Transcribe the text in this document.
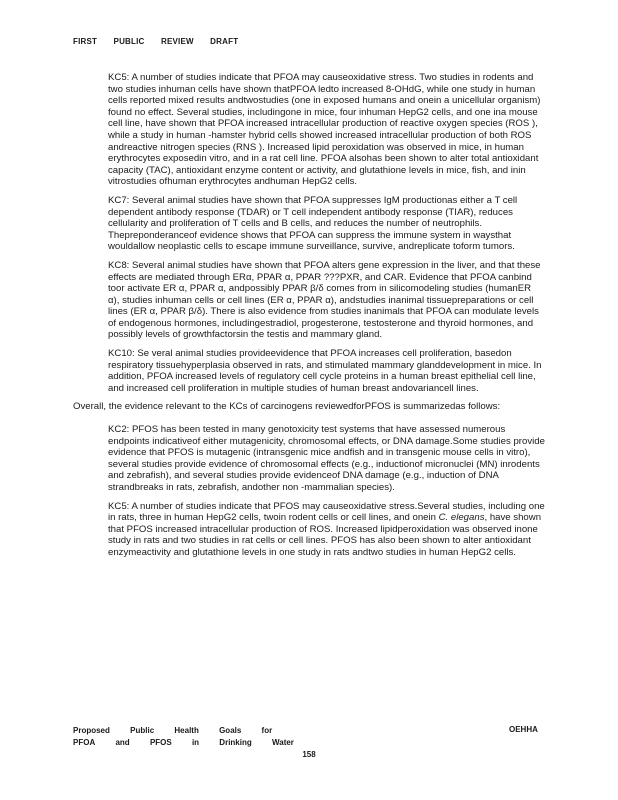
FIRST PUBLIC REVIEW DRAFT
KC5: A number of studies indicate that PFOA may causeoxidative stress. Two studies in rodents and two studies inhuman cells have shown thatPFOA ledto increased 8-OHdG, while one study in human cells reported mixed results andtwostudies (one in exposed humans and onein a unicellular organism) found no effect. Several studies, includingone in mice, four inhuman HepG2 cells, and one ina mouse cell line, have shown that PFOA increased intracellular production of reactive oxygen species (ROS ), while a study in human -hamster hybrid cells showed increased intracellular production of both ROS andreactive nitrogen species (RNS ). Increased lipid peroxidation was observed in mice, in human erythrocytes exposedin vitro, and in a rat cell line. PFOA alsohas been shown to alter total antioxidant capacity (TAC), antioxidant enzyme content or activity, and glutathione levels in mice, fish, and inin vitrostudies ofhuman erythrocytes andhuman HepG2 cells.
KC7: Several animal studies have shown that PFOA suppresses IgM productionas either a T cell dependent antibody response (TDAR) or T cell independent antibody response (TIAR), reduces cellularity and proliferation of T cells and B cells, and reduces the number of neutrophils. Thepreponderanceof evidence shows that PFOA can suppress the immune system in waysthat wouldallow neoplastic cells to escape immune surveillance, survive, andreplicate toform tumors.
KC8: Several animal studies have shown that PFOA alters gene expression in the liver, and that these effects are mediated through ERα, PPAR α, PPAR ???PXR, and CAR. Evidence that PFOA canbind toor activate ER α, PPAR α, andpossibly PPAR β/δ comes from in silicomodeling studies (humanER α), studies inhuman cells or cell lines (ER α, PPAR α), andstudies inanimal tissuepreparations or cell lines (ER α, PPAR β/δ). There is also evidence from studies inanimals that PFOA can modulate levels of endogenous hormones, includingestradiol, progesterone, testosterone and thyroid hormones, and possibly levels of growthfactorsin the testis and mammary gland.
KC10: Se veral animal studies provideevidence that PFOA increases cell proliferation, basedon respiratory tissuehyperplasia observed in rats, and stimulated mammary glanddevelopment in mice. In addition, PFOA increased levels of regulatory cell cycle proteins in a human breast epithelial cell line, and increased cell proliferation in multiple studies of human breast andovariancell lines.

Overall, the evidence relevant to the KCs of carcinogens reviewedforPFOS is summarizedas follows:

KC2: PFOS has been tested in many genotoxicity test systems that have assessed numerous endpoints indicativeof either mutagenicity, chromosomal effects, or DNA damage.Some studies provide evidence that PFOS is mutagenic (intransgenic mice andfish and in transgenic mouse cells in vitro), several studies provide evidence of chromosomal effects (e.g., inductionof micronuclei (MN) inrodents and zebrafish), and several studies provide evidenceof DNA damage (e.g., induction of DNA strandbreaks in rats, zebrafish, andother non -mammalian species).
KC5: A number of studies indicate that PFOS may causeoxidative stress.Several studies, including one in rats, three in human HepG2 cells, twoin rodent cells or cell lines, and onein C. elegans, have shown that PFOS increased intracellular production of ROS. Increased lipidperoxidation was observed inone study in rats and two studies in rat cells or cell lines. PFOS has also been shown to alter antioxidant enzymeactivity and glutathione levels in one study in rats andtwo studies in human HepG2 cells.
Proposed	Public	Health	Goals	for
PFOA	and	PFOS	in	Drinking	Water
OEHHA
158
